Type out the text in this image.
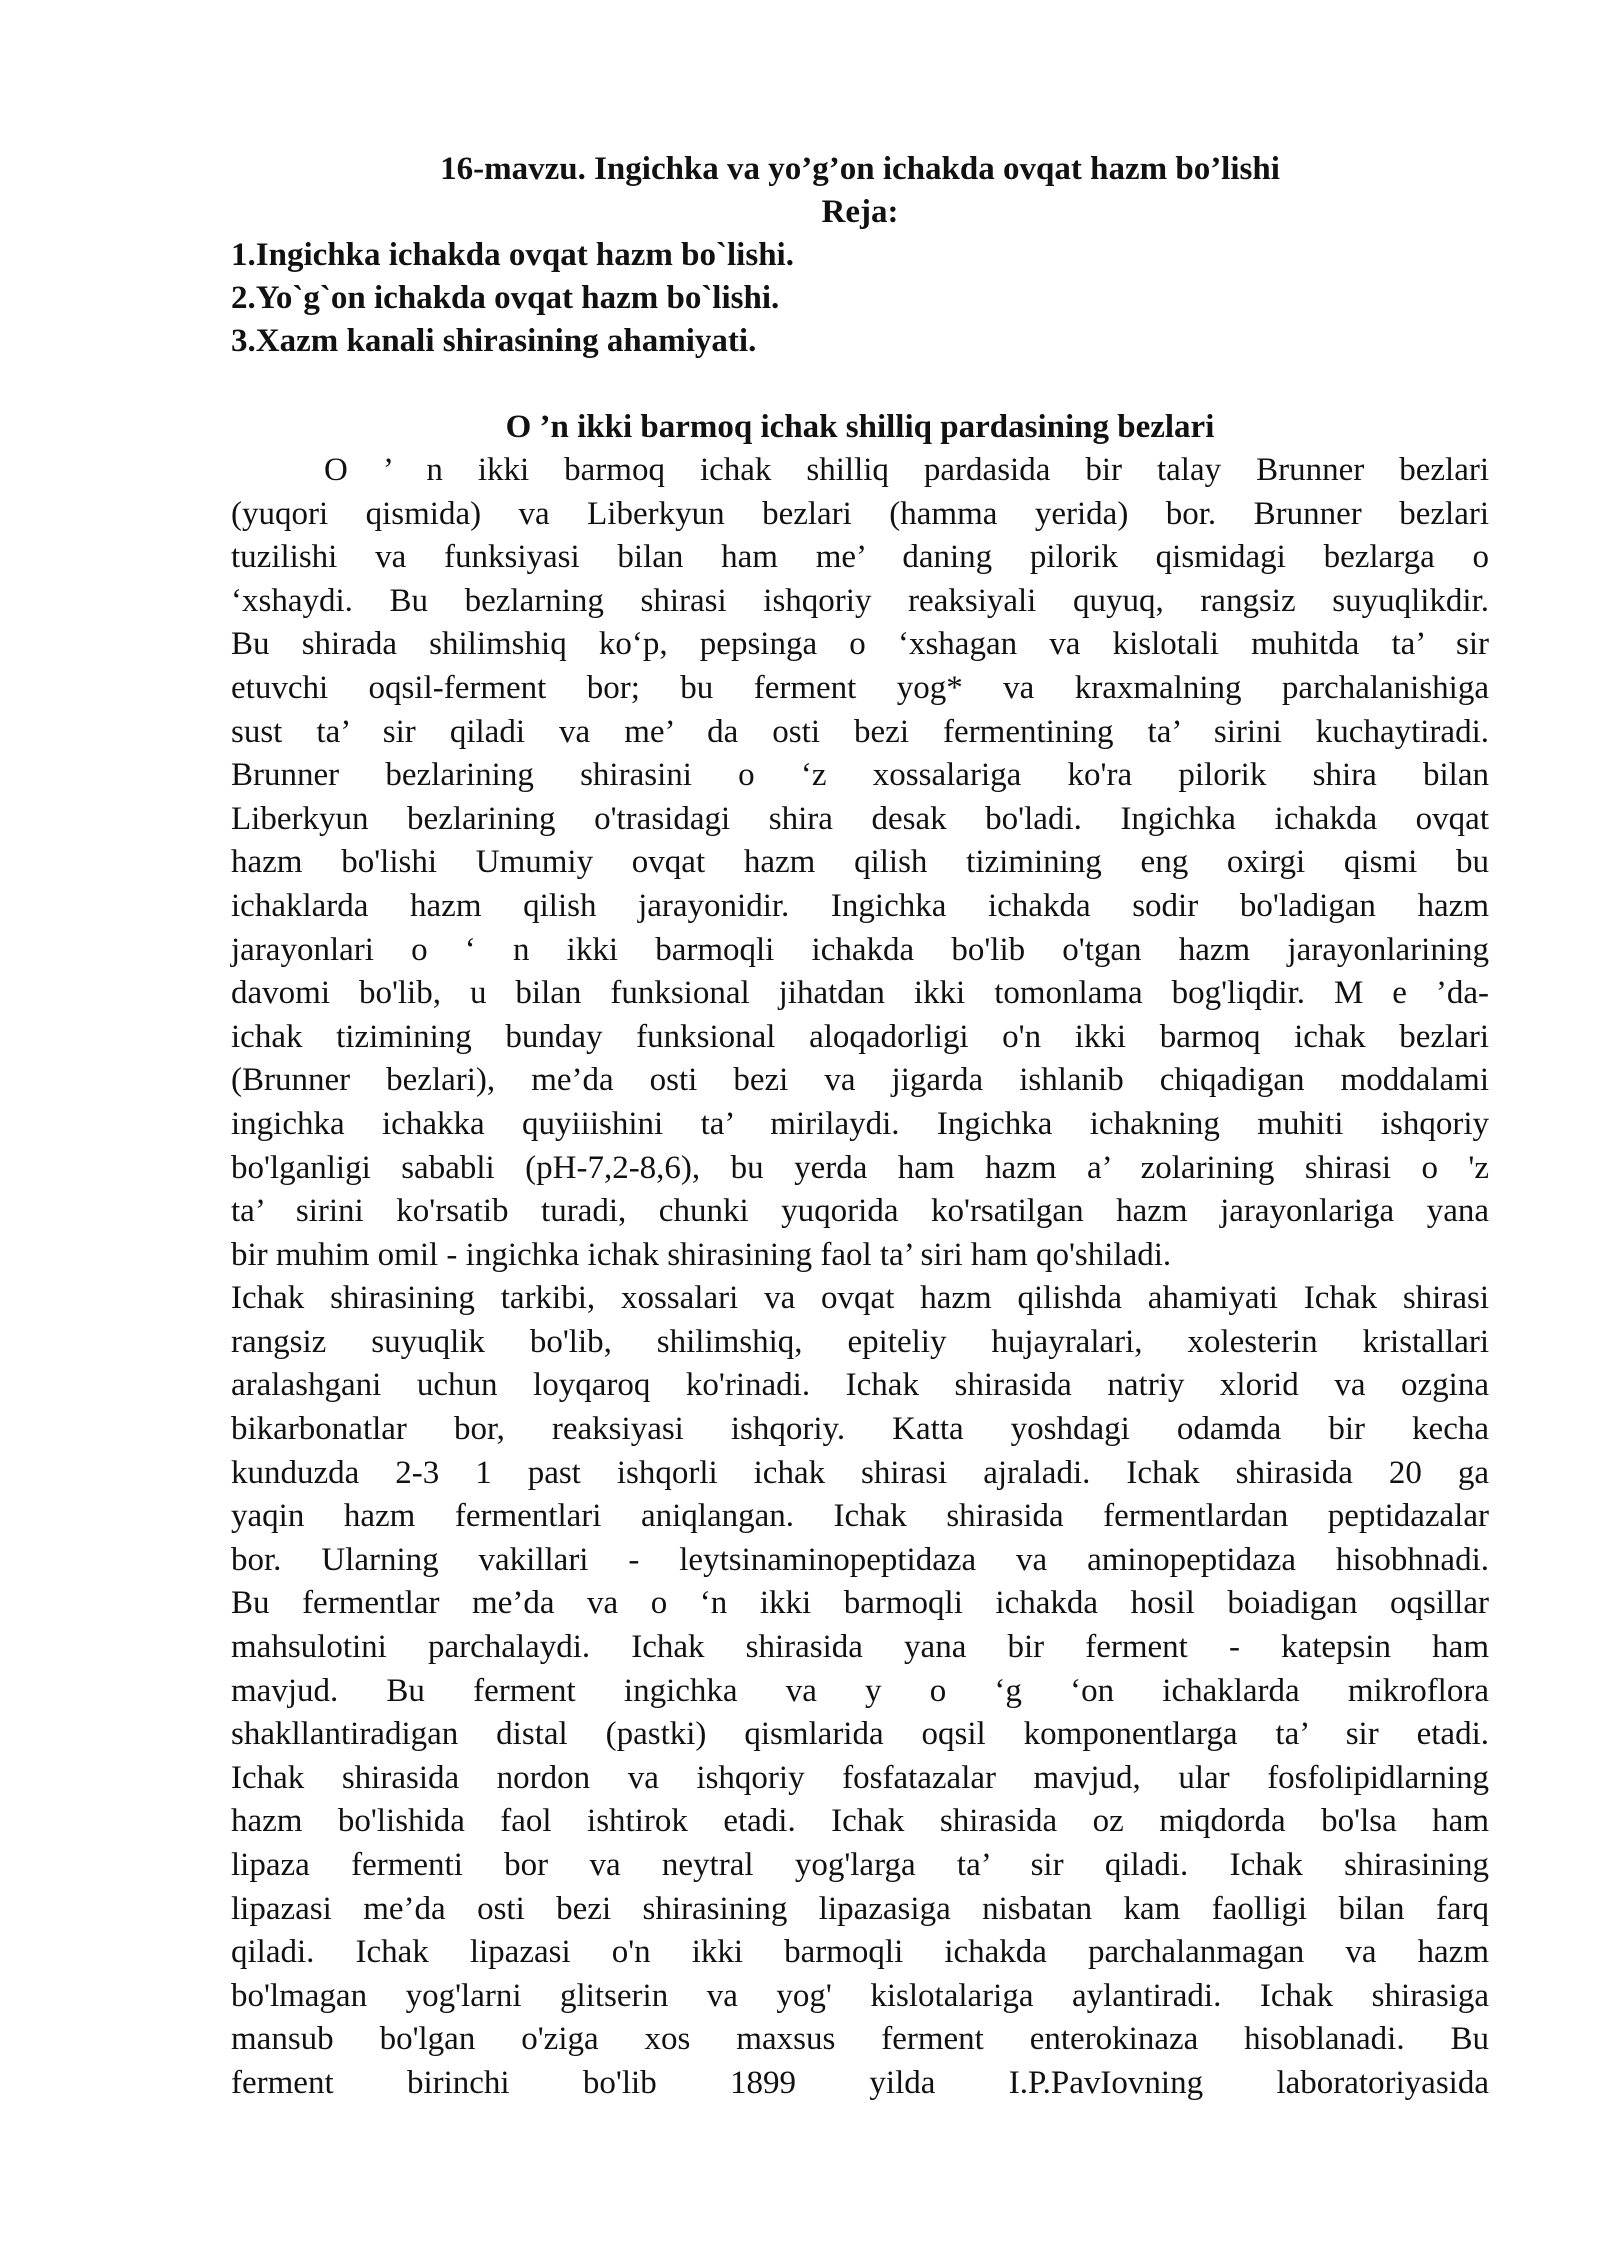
16-mavzu. Ingichka va yo’g’on ichakda ovqat hazm bo’lishi
Reja:
1.Ingichka ichakda ovqat hazm bo`lishi.
2.Yo`g`on ichakda ovqat hazm bo`lishi.
3.Xazm kanali shirasining ahamiyati.
O ’n ikki barmoq ichak shilliq pardasining bezlari
O ’ n ikki barmoq ichak shilliq pardasida bir talay Brunner bezlari
(yuqori qismida) va Liberkyun bezlari (hamma yerida) bor. Brunner bezlari
tuzilishi va funksiyasi bilan ham me’ daning pilorik qismidagi bezlarga o
‘xshaydi. Bu bezlarning shirasi ishqoriy reaksiyali quyuq, rangsiz suyuqlikdir.
Bu shirada shilimshiq ko‘p, pepsinga o ‘xshagan va kislotali muhitda ta’ sir
etuvchi oqsil-ferment bor; bu ferment yog* va kraxmalning parchalanishiga
sust ta’ sir qiladi va me’ da osti bezi fermentining ta’ sirini kuchaytiradi.
Brunner bezlarining shirasini o ‘z xossalariga ko'ra pilorik shira bilan
Liberkyun bezlarining o'trasidagi shira desak bo'ladi. Ingichka ichakda ovqat
hazm bo'lishi Umumiy ovqat hazm qilish tizimining eng oxirgi qismi bu
ichaklarda hazm qilish jarayonidir. Ingichka ichakda sodir bo'ladigan hazm
jarayonlari o ‘ n ikki barmoqli ichakda bo'lib o'tgan hazm jarayonlarining
davomi bo'lib, u bilan funksional jihatdan ikki tomonlama bog'liqdir. M e ’da-
ichak tizimining bunday funksional aloqadorligi o'n ikki barmoq ichak bezlari
(Brunner bezlari), me’da osti bezi va jigarda ishlanib chiqadigan moddalami
ingichka ichakka quyiiishini ta’ mirilaydi. Ingichka ichakning muhiti ishqoriy
bo'lganligi sababli (pH-7,2-8,6), bu yerda ham hazm a’ zolarining shirasi o 'z
ta’ sirini ko'rsatib turadi, chunki yuqorida ko'rsatilgan hazm jarayonlariga yana
bir muhim omil - ingichka ichak shirasining faol ta’ siri ham qo'shiladi.
Ichak shirasining tarkibi, xossalari va ovqat hazm qilishda ahamiyati Ichak shirasi
rangsiz suyuqlik bo'lib, shilimshiq, epiteliy hujayralari, xolesterin kristallari
aralashgani uchun loyqaroq ko'rinadi. Ichak shirasida natriy xlorid va ozgina
bikarbonatlar bor, reaksiyasi ishqoriy. Katta yoshdagi odamda bir kecha
kunduzda 2-3 1 past ishqorli ichak shirasi ajraladi. Ichak shirasida 20 ga
yaqin hazm fermentlari aniqlangan. Ichak shirasida fermentlardan peptidazalar
bor. Ularning vakillari - leytsinaminopeptidaza va aminopeptidaza hisobhnadi.
Bu fermentlar me’da va o ‘n ikki barmoqli ichakda hosil boiadigan oqsillar
mahsulotini parchalaydi. Ichak shirasida yana bir ferment - katepsin ham
mavjud. Bu ferment ingichka va y o ‘g ‘on ichaklarda mikroflora
shakllantiradigan distal (pastki) qismlarida oqsil komponentlarga ta’ sir etadi.
Ichak shirasida nordon va ishqoriy fosfatazalar mavjud, ular fosfolipidlarning
hazm bo'lishida faol ishtirok etadi. Ichak shirasida oz miqdorda bo'lsa ham
lipaza fermenti bor va neytral yog'larga ta’ sir qiladi. Ichak shirasining
lipazasi me’da osti bezi shirasining lipazasiga nisbatan kam faolligi bilan farq
qiladi. Ichak lipazasi o'n ikki barmoqli ichakda parchalanmagan va hazm
bo'lmagan yog'larni glitserin va yog' kislotalariga aylantiradi. Ichak shirasiga
mansub bo'lgan o'ziga xos maxsus ferment enterokinaza hisoblanadi. Bu
ferment birinchi bo'lib 1899 yilda I.P.PavIovning laboratoriyasida
